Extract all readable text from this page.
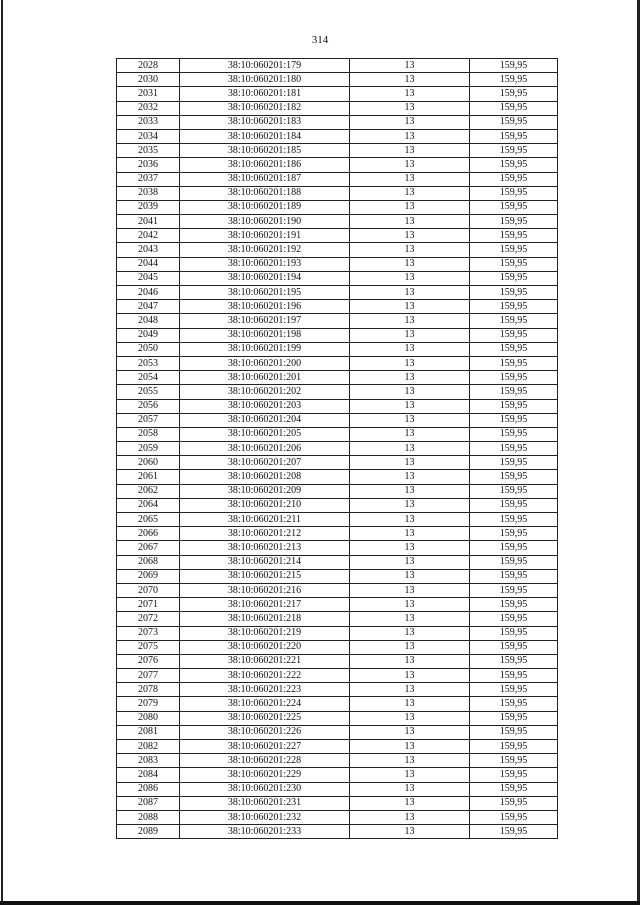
314
2028	38:10:060201:179	13	159,95
2030	38:10:060201:180	13	159,95
2031	38:10:060201:181	13	159,95
2032	38:10:060201:182	13	159,95
2033	38:10:060201:183	13	159,95
2034	38:10:060201:184	13	159,95
2035	38:10:060201:185	13	159,95
2036	38:10:060201:186	13	159,95
2037	38:10:060201:187	13	159,95
2038	38:10:060201:188	13	159,95
2039	38:10:060201:189	13	159,95
2041	38:10:060201:190	13	159,95
2042	38:10:060201:191	13	159,95
2043	38:10:060201:192	13	159,95
2044	38:10:060201:193	13	159,95
2045	38:10:060201:194	13	159,95
2046	38:10:060201:195	13	159,95
2047	38:10:060201:196	13	159,95
2048	38:10:060201:197	13	159,95
2049	38:10:060201:198	13	159,95
2050	38:10:060201:199	13	159,95
2053	38:10:060201:200	13	159,95
2054	38:10:060201:201	13	159,95
2055	38:10:060201:202	13	159,95
2056	38:10:060201:203	13	159,95
2057	38:10:060201:204	13	159,95
2058	38:10:060201:205	13	159,95
2059	38:10:060201:206	13	159,95
2060	38:10:060201:207	13	159,95
2061	38:10:060201:208	13	159,95
2062	38:10:060201:209	13	159,95
2064	38:10:060201:210	13	159,95
2065	38:10:060201:211	13	159,95
2066	38:10:060201:212	13	159,95
2067	38:10:060201:213	13	159,95
2068	38:10:060201:214	13	159,95
2069	38:10:060201:215	13	159,95
2070	38:10:060201:216	13	159,95
2071	38:10:060201:217	13	159,95
2072	38:10:060201:218	13	159,95
2073	38:10:060201:219	13	159,95
2075	38:10:060201:220	13	159,95
2076	38:10:060201:221	13	159,95
2077	38:10:060201:222	13	159,95
2078	38:10:060201:223	13	159,95
2079	38:10:060201:224	13	159,95
2080	38:10:060201:225	13	159,95
2081	38:10:060201:226	13	159,95
2082	38:10:060201:227	13	159,95
2083	38:10:060201:228	13	159,95
2084	38:10:060201:229	13	159,95
2086	38:10:060201:230	13	159,95
2087	38:10:060201:231	13	159,95
2088	38:10:060201:232	13	159,95
2089	38:10:060201:233	13	159,95
